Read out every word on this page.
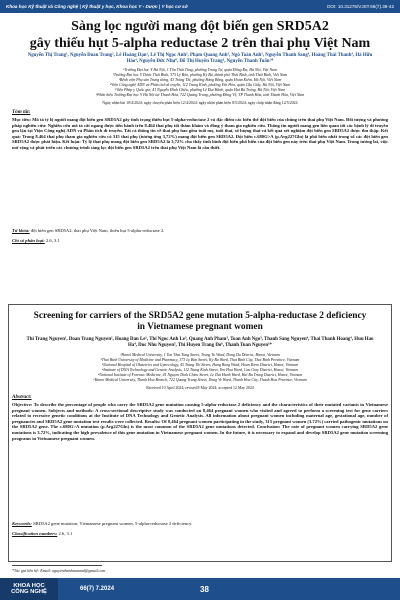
Khoa học Kỹ thuật và Công nghệ | Kỹ thuật y học, Khoa học Y - Dược | Y học cơ sở	DOI: 10.31276/VJST.66(7).38-42
Sàng lọc người mang đột biến gen SRD5A2
gây thiếu hụt 5-alpha reductase 2 trên thai phụ Việt Nam
Nguyễn Thị Trang¹, Nguyễn Đoan Trang², Lê Hoàng Dạn¹, Lê Thị Ngọc Anh³, Phạm Quang Anh³, Ngô Toàn Anh³, Nguyễn Thanh Sang⁴, Hoàng Thái Thanh⁴, Hà Hữu Hảo⁴, Nguyễn Đức Nhự⁵, Đỗ Thị Huyền Trang⁶, Nguyễn Thanh Tuấn¹*
¹Trường Đại học Y Hà Nội, 1 Tôn Thất Tùng, phường Trung Tự, quận Đống Đa, Hà Nội, Việt Nam
²Trường Đại học Y Dược Thái Bình, 373 Lý Bôn, phường Kỳ Bá, thành phố Thái Bình, tỉnh Thái Bình, Việt Nam
³Bệnh viện Phụ sản Trung ương, 43 Tràng Thi, phường Hàng Bông, quận Hoàn Kiếm, Hà Nội, Việt Nam
⁴Viện Công nghệ ADN và Phân tích di truyền, 112 Trung Kính, phường Yên Hòa, quận Cầu Giấy, Hà Nội, Việt Nam
⁵Viện Pháp y Quốc gia, 41 Nguyễn Đình Chiểu, phường Lê Đại Hành, quận Hai Bà Trưng, Hà Nội, Việt Nam
⁶Phân hiệu Trường Đại học Y Hà Nội tại Thanh Hóa, 722 Quang Trung, phường Đông Vệ, TP Thanh Hóa, tỉnh Thanh Hóa, Việt Nam
Ngày nhận bài 10/4/2024; ngày chuyển phản biện 12/4/2024; ngày nhận phản biện 8/5/2024; ngày chấp nhận đăng 12/5/2024
Tóm tắt:
Mục tiêu: Mô tả tỷ lệ người mang đột biến gen SRD5A2 gây tình trạng thiếu hụt 5-alpha-reductase 2 và đặc điểm các biến thể đột biến của chúng trên thai phụ Việt Nam. Đối tượng và phương pháp nghiên cứu: Nghiên cứu mô tả cắt ngang được tiến hành trên 8.464 thai phụ tới thăm khám và đồng ý tham gia nghiên cứu. Thông tin người mang gen liên quan tới các bệnh lý di truyền gen lặn tại Viện Công nghệ ADN và Phân tích di truyền. Tất cả thông tin về thai phụ bao gồm tuổi mẹ, tuổi thai, số lượng thai và kết quả xét nghiệm đột biến gen SRD5A2 được thu thập. Kết quả: Trong 8.464 thai phụ tham gia nghiên cứu có 315 thai phụ (tương ứng 3,72%) mang đột biến gen SRD5A2. Đột biến c.680G>A (p.Arg227Gln) là phổ biến nhất trong số các đột biến gen SRD5A2 được phát hiện. Kết luận: Tỷ lệ thai phụ mang đột biến gen SRD5A2 là 3,72% cho thấy tình hình đột biến phổ biến của đột biến gen này trên thai phụ Việt Nam. Trong tương lai, việc mở rộng và phát triển các chương trình sàng lọc đột biến gen SRD5A2 trên thai phụ Việt Nam là cần thiết.
Từ khóa: đột biến gen SRD5A2, thai phụ Việt Nam, thiếu hụt 5-alpha-reductase 2.
Chỉ số phân loại: 2.6, 3.1
Screening for carriers of the SRD5A2 gene mutation 5-alpha-reductase 2 deficiency
in Vietnamese pregnant women
Thi Trang Nguyen¹, Doan Trang Nguyen², Hoang Dan Le¹, Thi Ngoc Anh Le³, Quang Anh Pham³, Toan Anh Ngo³, Thanh Sang Nguyen⁴, Thai Thanh Hoang⁴, Huu Hao Ha⁴, Duc Nhu Nguyen⁵, Thi Huyen Trang Do⁶, Thanh Tuan Nguyen¹*
¹Hanoi Medical University, 1 Ton That Tung Street, Trung Tu Ward, Dong Da District, Hanoi, Vietnam
²Thai Binh University of Medicine and Pharmacy, 373 Ly Bon Street, Ky Ba Ward, Thai Binh City, Thai Binh Province, Vietnam
³National Hospital of Obstetrics and Gynecology, 43 Trang Thi Street, Hang Bong Ward, Hoan Kiem District, Hanoi, Vietnam
⁴Institute of DNA Technology and Genetic Analysis, 112 Trung Kinh Street, Yen Hoa Ward, Cau Giay District, Hanoi, Vietnam
⁵National Institute of Forensic Medicine, 41 Nguyen Dinh Chieu Street, Le Dai Hanh Ward, Hai Ba Trung District, Hanoi, Vietnam
⁶Hanoi Medical University, Thanh Hoa Branch, 722 Quang Trung Street, Dong Ve Ward, Thanh Hoa City, Thanh Hoa Province, Vietnam
Received 10 April 2024; revised 8 May 2024; accepted 12 May 2024
Abstract:
Objective: To describe the percentage of people who carry the SRD5A2 gene mutation causing 5-alpha-reductase 2 deficiency and the characteristics of their mutated variants in Vietnamese pregnant women. Subjects and methods: A cross-sectional descriptive study was conducted on 8,464 pregnant women who visited and agreed to perform a screening test for gene carriers related to recessive genetic conditions at the Institute of DNA Technology and Genetic Analysis. All information about pregnant women including maternal age, gestational age, number of pregnancies and SRD5A2 gene mutation test results were collected. Results: Of 8,464 pregnant women participating in the study, 315 pregnant women (3.72%) carried pathogenic mutations on the SRD5A2 gene. The c.680G>A mutation (p.Arg227Gln) is the most common of the SRD5A2 gene mutations detected. Conclusion: The rate of pregnant women carrying SRD5A2 gene mutations is 3.72%, indicating the high prevalence of this gene mutation in Vietnamese pregnant women. In the future, it is necessary to expand and develop SRD5A2 gene mutation screening programs in Vietnamese pregnant women.
Keywords: SRD5A2 gene mutation, Vietnamese pregnant women, 5-alpha-reductase 2 deficiency.
Classification numbers: 2.6, 3.1
*Tác giả liên hệ: Email: nguyenthanhtuanmd@gmail.com
KHOA HỌC
CÔNG NGHỆ	66(7) 7.2024	38
